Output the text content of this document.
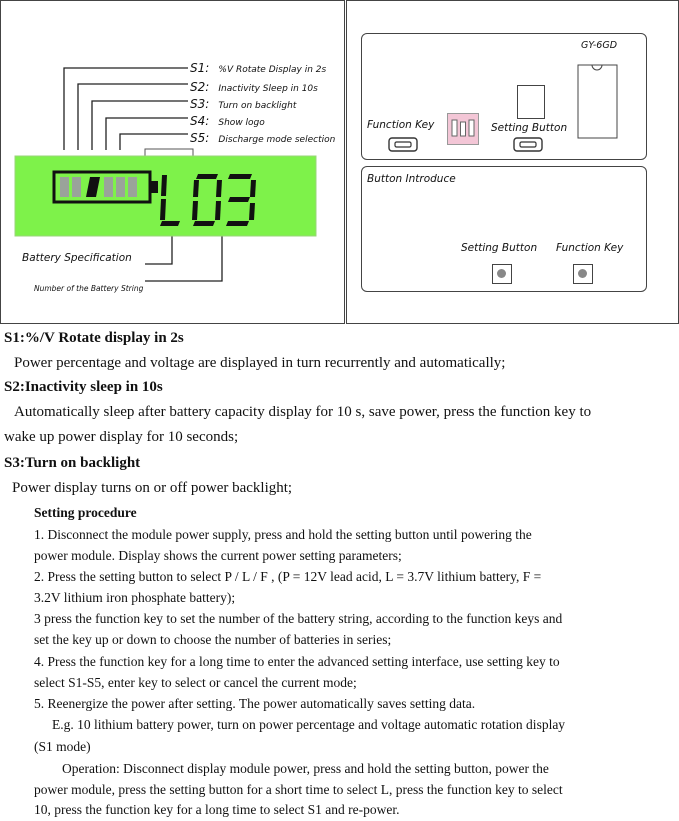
S1: %V Rotate Display in 2s
S2: Inactivity Sleep in 10s
S3: Turn on backlight
S4: Show logo
S5: Discharge mode selection
Battery Specification
Number of the Battery String
GY-6GD
Function Key	Setting Button
Button Introduce
Setting Button Function Key
S1:%/V Rotate display in 2s
Power percentage and voltage are displayed in turn recurrently and automatically;
S2:Inactivity sleep in 10s
Automatically sleep after battery capacity display for 10 s, save power, press the function key to
wake up power display for 10 seconds;
S3:Turn on backlight
Power display turns on or off power backlight;
Setting procedure
1. Disconnect the module power supply, press and hold the setting button until powering the
power module. Display shows the current power setting parameters;
2. Press the setting button to select P / L / F , (P = 12V lead acid, L = 3.7V lithium battery, F =
3.2V lithium iron phosphate battery);
3 press the function key to set the number of the battery string, according to the function keys and
set the key up or down to choose the number of batteries in series;
4. Press the function key for a long time to enter the advanced setting interface, use setting key to
select S1-S5, enter key to select or cancel the current mode;
5. Reenergize the power after setting. The power automatically saves setting data.
E.g. 10 lithium battery power, turn on power percentage and voltage automatic rotation display
(S1 mode)
Operation: Disconnect display module power, press and hold the setting button, power the
power module, press the setting button for a short time to select L, press the function key to select
10, press the function key for a long time to select S1 and re-power.
